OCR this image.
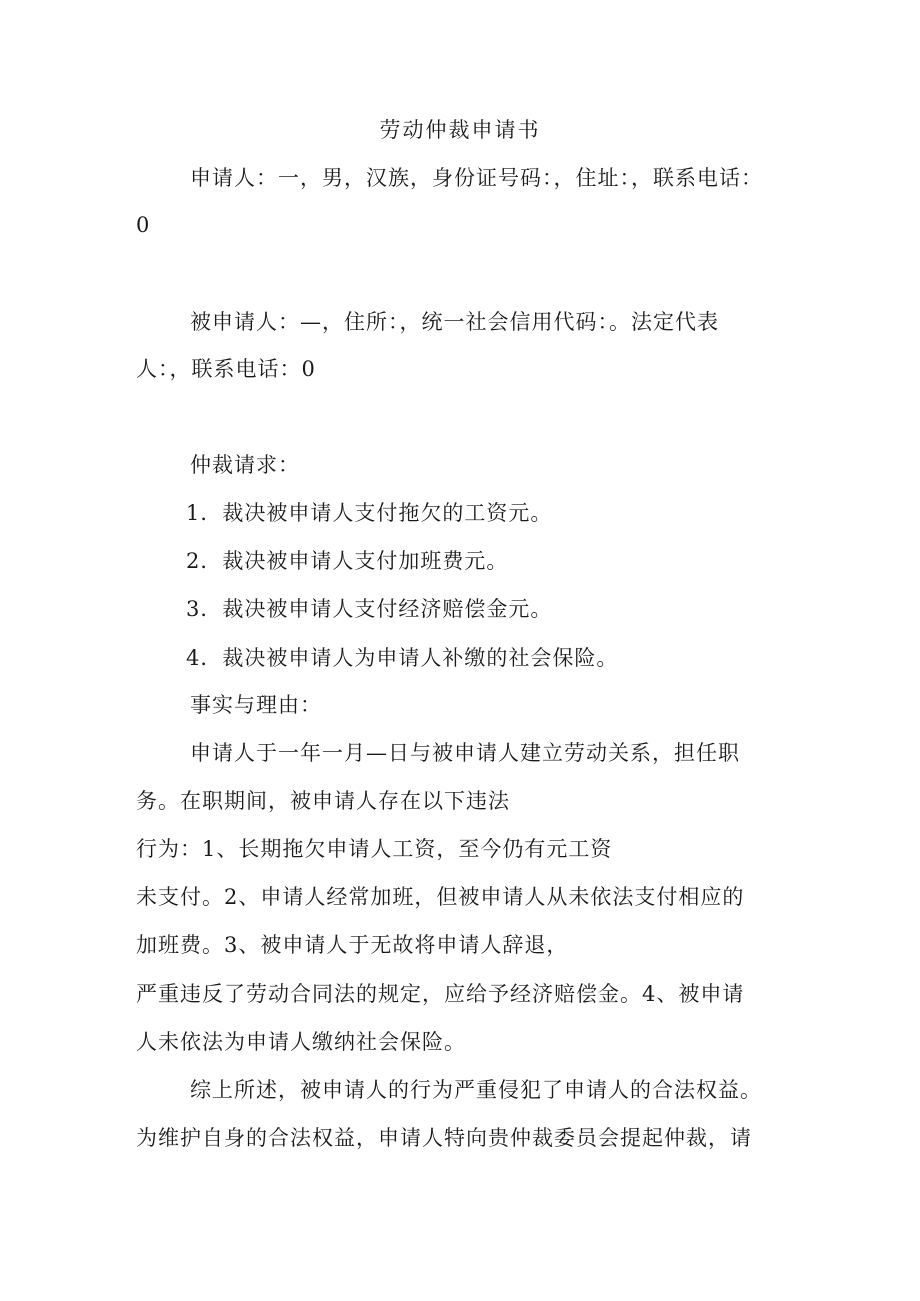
劳动仲裁申请书
申请人：一，男，汉族，身份证号码：，住址：，联系电话：
0
被申请人：—，住所：，统一社会信用代码：。法定代表
人：，联系电话：0
仲裁请求：
1．裁决被申请人支付拖欠的工资元。
2．裁决被申请人支付加班费元。
3．裁决被申请人支付经济赔偿金元。
4．裁决被申请人为申请人补缴的社会保险。
事实与理由：
申请人于一年一月—日与被申请人建立劳动关系，担任职
务。在职期间，被申请人存在以下违法
行为：1、长期拖欠申请人工资，至今仍有元工资
未支付。2、申请人经常加班，但被申请人从未依法支付相应的
加班费。3、被申请人于无故将申请人辞退，
严重违反了劳动合同法的规定，应给予经济赔偿金。4、被申请
人未依法为申请人缴纳社会保险。
综上所述，被申请人的行为严重侵犯了申请人的合法权益。
为维护自身的合法权益，申请人特向贵仲裁委员会提起仲裁，请
